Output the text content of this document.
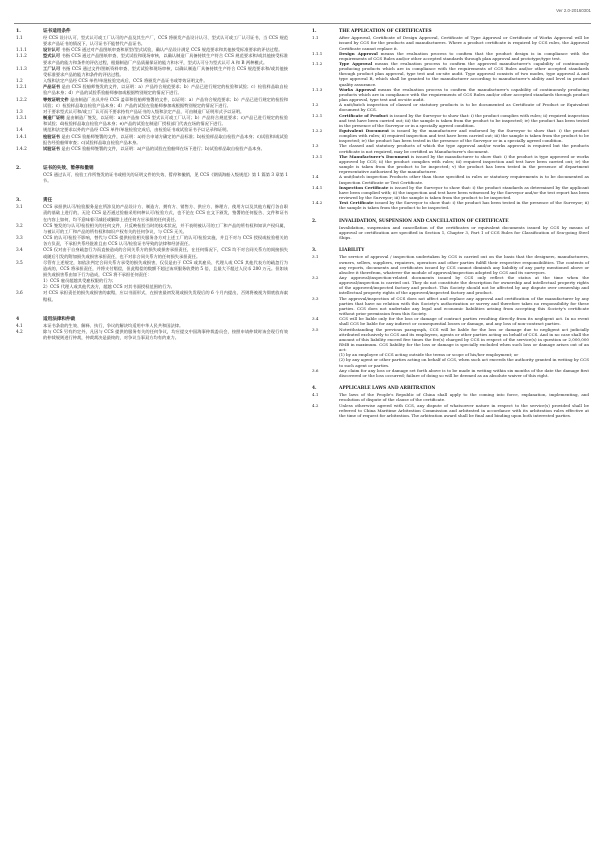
Ver 2.0-20160301
1.	证书适用条件
1.1	经 CCS 设计认可、型式认可或工厂认可的产品及其生产厂，CCS 将颁发产品设计认可、型式认可或工厂认可证书，当 CCS 规范要求产品证书的情况下，认可证书不能替代产品证书。
1.1.1	设计认可 书指 CCS 通过对产品图纸审查和原型/型式试验，确认产品设计满足 CCS 规范要求和其他接受标准要求的评估过程。
1.1.2	型式认可 书指 CCS 通过产品图纸审查、型式试验和现场审核，以确认制造厂具备持续生产符合 CCS 规范要求和/或其他接受标准要求产品的能力和条件的评估过程，根据制造厂产品质量保证的能力和水平，型式认可分为型式认可 A 和 B 两种模式。
1.1.3	工厂认可 书指 CCS 通过文件/图纸资料审查、型式试验和现场审核，以确认制造厂具备持续生产符合 CCS 规范要求和/或其他接受标准要求产品的能力和条件的评估过程。
1.2	入级和法定产品经 CCS 单件/单批检验完成后，CCS 将颁发产品证书或等效证明文件。
1.2.1	产品证书 是由 CCS 验船师签发的文件，以证明：a）产品符合规范要求；b）产品已进行规定的检验和试验；c）检验样品取自检验产品本身；d）产品的试验系验船师参加或根据特别规定的情况下进行。
1.2.2	等效证明文件 是由制造厂出具并经 CCS 盖章和验船师签署的文件，以证明：a）产品符合规范要求；b）产品已进行规定的检验和试验；c）检验样品取自检验产品本身；d）产品的试验在验船师参加或根据特别规定的情况下进行。
1.3	对于要求型式认可和/或工厂认可而不要求持有产品证书的入级和法定产品，可由制造厂证明形式予以证明。
1.3.1	制造厂证明 是由制造厂签发，以证明：a)该产品按 CCS 型式认可或工厂认可；b）产品符合规范要求；c)产品已进行规定的检验和试验；d)检验样品取自检验产品本身；e)产品的试验在制造厂授权部门代表在场的情况下进行。
1.4	规范和法定要求以外的产品经 CCS 单件/单批检验完成后，由检验证书或试验证书予以记录和证明。
1.4.1	检验证书 是由 CCS 验船师签署的文件，以证明：a)符合申请方确定的产品标准；b)检验样品取自检验产品本身；c)试验和/或试验报告经验船师审查；c)试验样品取自检验产品本身。
1.4.2	试验证书 是由 CCS 验船师签署的文件，以证明：a)产品的试验在验船师在场下进行；b)试验样品取自检验产品本身。
2.	证书的失效、暂停和撤销
CCS 通过认可、检验工作所签发的证书或相关的证明文件的失效、暂停和撤销，见 CCS《钢质海船入级规范》第 1 篇第 3 章第 1 节。
3.	责任
3.1	CCS 承担供认可/检验服务是在所涉及的产品设计方、制造方、拥有方、销售方、供应方、修理方、使用方以及其他方履行各自职责的基础上进行的，无论 CCS 是否通过验船采用何种认可/检验方式，也不论在 CCS 在文下颁发，签署的任何报告、文件和证书在内容上如何，均不意味着可减轻或解除上述任何方应承担的任何责任。
3.2	CCS 签发的与认可/检验相关的任何文件，只反映检验当时的技术状况，并不表明被认可的工厂和产品的所有权和知识产权归属，与被认可的工厂和产品的所有权和知识产权有关的任何争议，与 CCS 无关。
3.3	CCS 的认可/检验不影响，替代与 CCS 提供检验相关服务各方对上述工厂的认可/检验实施，并且不对与 CCS 授权或检验相关的各方负责，不承担共系经批准且由 CCS 认可/检验证书导致的法律和经济责任。
3.4	CCS 仅对由于自身疏忽行为而直接造成的合同关系方的损失或损害承担责任，在任何情况下，CCS 均不对合同关系方的间接损失或随后引发的附加损失或损害承担责任，也不对非合同关系方的任何损失承担责任。
3.5	尽管有上述规定，如依法判定合同关系方承受的损失或损害，仅仅是由于 CCS 或其雇员、代理人或 CCS 其他代表方的疏忽行为造成的，CCS 将承担责任，并将支付赔偿，但此赔偿的数额不超过该项服务收费的 5 倍，且最大不超过人民币 200 万元。但如该损失或损害系由如下行为造成，CCS 将不承担任何责任：
1）CCS 雇员超越其受雇权限的行为；
2）CCS 代理人或其他代表方，超越 CCS 对其书面授权范围的行为。
3.6	对 CCS 承担责任的损失或损害的索赔，应以书面形式，在损害最初发现或损失发现后的 6 个月内提出，否则将被视为彻底放弃索赔权。
4	适用法律和仲裁
4.1	本证书条款的生效、解释、执行，争议的解决均适用中华人民共和国法律。
4.2	除与 CCS 另有约定外，凡因与 CCS 提供的服务有关的任何争议，均应提交中国海事仲裁委员会，按照申请仲裁时该会现行有效的仲裁规则进行仲裁，仲裁裁决是最终的，对争议当事双方均有约束力。
1.	THE APPLICATION OF CERTIFICATES
1.1	After Approval, Certificate of Design Approval, Certificate of Type Approval or Certificate of Works Approval will be issued by CCS for the products and manufacturers. Where a product certificate is required by CCS rules, the Approval Certificate cannot replace it.
1.1.1	Design Approval means the evaluation process to confirm that the product design is in compliance with the requirements of CCS Rules and/or other accepted standards through plan approval and prototype/type test.
1.1.2	Type Approval means the evaluation process to confirm the approved manufacturer's capability of continuously producing products which are in compliance with the requirements of CCS Rules and/or other accepted standards through product plan approval, type test and on-site audit. Type approval consists of two modes, type approval A and type approval B, which shall be granted to the manufacturer according to manufacturer's ability and level in product quality assurance.
1.1.3	Works Approval means the evaluation process to confirm the manufacturer's capability of continuously producing products which are in compliance with the requirements of CCS Rules and/or other accepted standards through product plan approval, type test and on-site audit.
1.2	A unit/batch inspection of classed or statutory products is to be documented as Certificate of Product or Equivalent document by CCS.
1.2.1	Certificate of Product is issued by the Surveyor to show that: i) the product complies with rules; ii) required inspection and test have been carried out; iii) the sample is taken from the product to be inspected; iv) the product has been tested in the presence of the Surveyor or in a specially agreed condition.
1.2.2	Equivalent Document is issued by the manufacturer and endorsed by the Surveyor to show that: i) the product complies with rules; ii) required inspection and test have been carried out; iii) the sample is taken from the product to be inspected; iv) the product has been tested in the presence of the Surveyor or in a specially agreed condition.
1.3	The classed and statutory products of which the type approval and/or works approval is required but the products certificate is not required, may be certified as Manufacturer's document.
1.3.1	The Manufacturer's Document is issued by the manufacturer to show that: i) the product is type approved or works approved by CCS; ii) the product complies with rules; iii) required inspection and test have been carried out; iv) the sample is taken from the product to be inspected; v) the product has been tested in the presence of department representative authorized by the manufacturer.
1.4	A unit/batch inspection Products other than those specified in rules or statutory requirements is to be documented as Inspection Certificate or Test Certificate.
1.4.1	Inspection Certificate is issued by the Surveyor to show that: i) the product standards as determined by the applicant have been complied with; ii) the inspection and test have been witnessed by the Surveyor and/or the test report has been reviewed by the Surveyor; iii) the sample is taken from the product to be inspected.
1.4.2	Test Certificate issued by the Surveyor to show that: i) the product has been tested in the presence of the Surveyor; ii) the sample is taken from the product to be inspected.
2.	INVALIDATION, SUSPENSION AND CANCELLATION OF CERTIFICATE
Invalidation, suspension and cancellation of the certificates or equivalent documents issued by CCS by means of approval or certification are specified in Section 1, Chapter 3, Part 1 of CCS Rules for Classification of Sea-going Steel Ships.
3.	LIABILITY
3.1	The service of approval / inspection undertaken by CCS is carried out on the basis that the designers, manufacturers, owners, sellers, suppliers, repairers, operators and other parties fulfill their respective responsibilities. The contents of any reports, documents and certificates issued by CCS cannot diminish any liability of any party mentioned above or absolve it therefrom, whatever the module of approval/inspection adopted by CCS and its surveyors.
3.2	Any approval/inspection-related documents issued by CCS only reflect the status at the time when the approval/inspection is carried out. They do not constitute the description for ownership and intellectual property rights of the approved/inspected factory and product. This Society should not be affected by any dispute over ownership and intellectual property rights of the approved/inspected factory and product.
3.3	The approval/inspection of CCS does not affect and replace any approval and certification of the manufacturer by any parties that have no relation with this Society's authorization or survey and therefore takes no responsibility for these parties. CCS does not undertake any legal and economic liabilities arising from accepting this Society's certificate without prior permission from this Society.
3.4	CCS will be liable only for the loss or damage of contract parties resulting directly from its negligent act. In no event shall CCS be liable for any indirect or consequential losses or damage, and any loss of non-contract parties.
3.5	Notwithstanding the previous paragraph, CCS will be liable for the loss or damage due to negligent act judicially attributed exclusively to CCS and its employees, agents or other parties acting on behalf of CCS. And in no case shall the amount of this liability exceed five times the fee(s) charged by CCS in respect of the service(s) in question or 2,000,000 RMB in maximum. CCS liability for the loss or damage is specially excluded when such loss or damage arises out of an act:
(1) by an employee of CCS acting outside the terms or scope of his/her employment; or
(2) by any agent or other parties acting on behalf of CCS, when such act exceeds the authority granted in writing by CCS to such agent or parties.
3.6	Any claim for any loss or damage set forth above is to be made in writing within six months of the date the damage first discovered or the loss occurred; failure of doing so will be deemed as an absolute waiver of this right.
4.	APPLICABLE LAWS AND ARBITRATION
4.1	The laws of the People's Republic of China shall apply to the coming into force, explanation, implementing, and resolution of dispute of the clause of the certificate.
4.2	Unless otherwise agreed with CCS, any dispute of whatsoever nature in respect to the service(s) provided shall be referred to China Maritime Arbitration Commission and arbitrated in accordance with its arbitration rules effective at the time of request for arbitration. The arbitration award shall be final and binding upon both interested parties.
